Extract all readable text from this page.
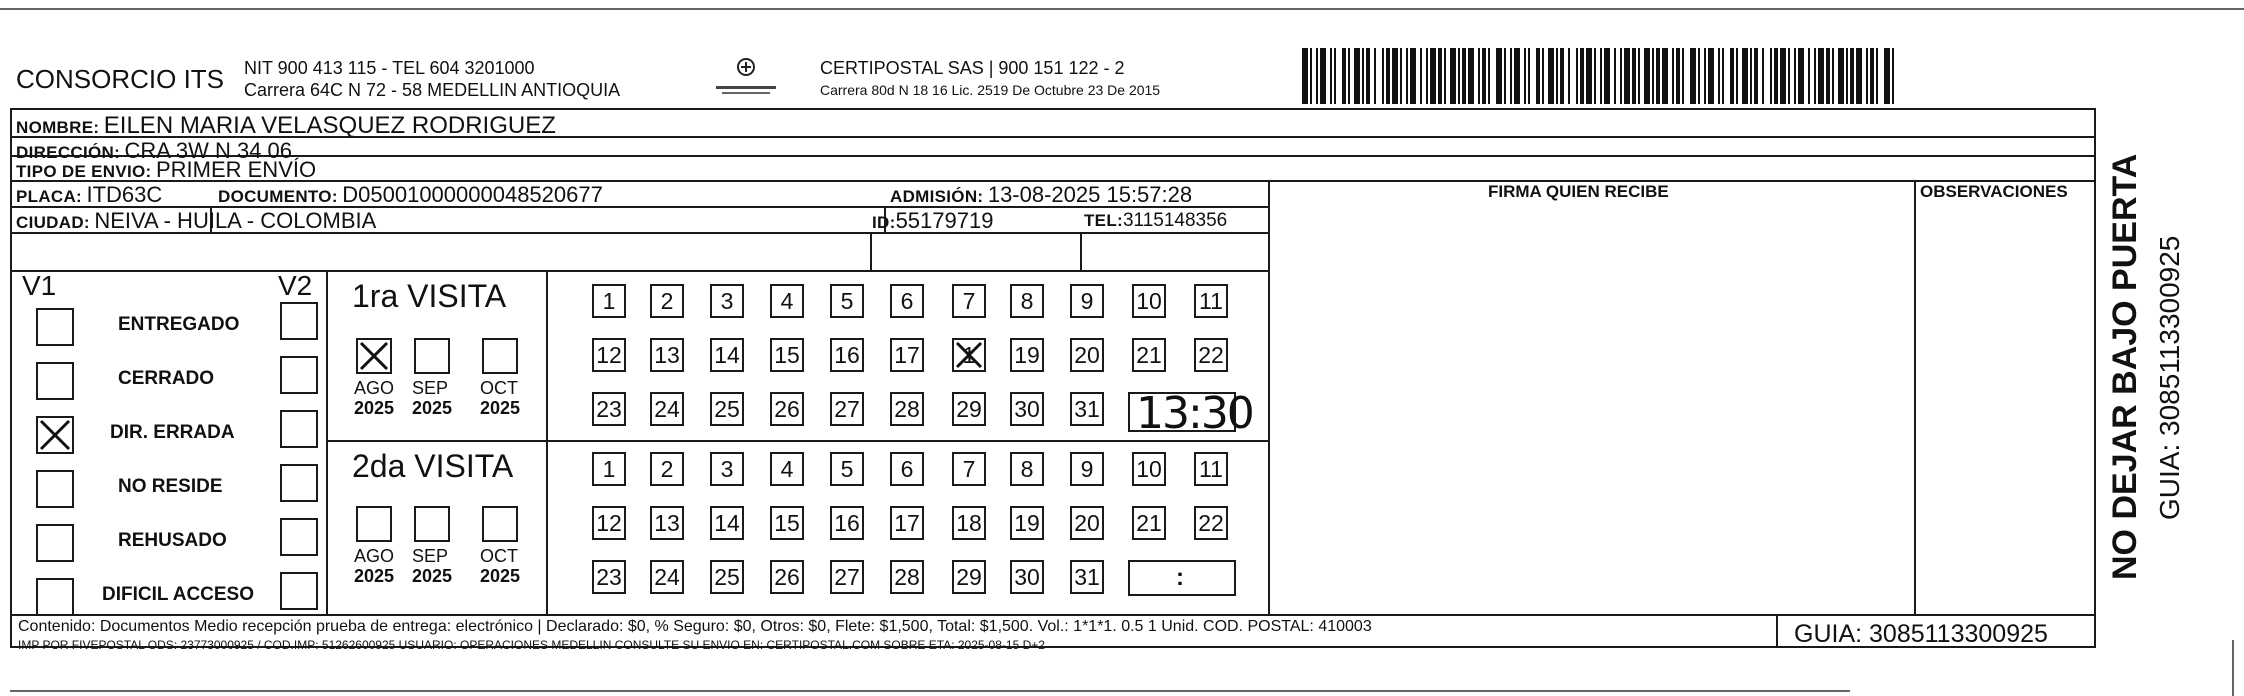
CONSORCIO ITS NIT 900 413 115 - TEL 604 3201000
Carrera 64C N 72 - 58 MEDELLIN ANTIOQUIA
CERTIPOSTAL SAS | 900 151 122 - 2
Carrera 80d N 18 16 Lic. 2519 De Octubre 23 De 2015
NOMBRE: EILEN MARIA VELASQUEZ RODRIGUEZ
DIRECCIÓN: CRA 3W N 34 06
TIPO DE ENVIO: PRIMER ENVÍO
PLACA: ITD63C	DOCUMENTO: D05001000000048520677	ADMISIÓN: 13-08-2025 15:57:28
CIUDAD: NEIVA - HUILA - COLOMBIA	ID:55179719	TEL:3115148356
FIRMA QUIEN RECIBE	OBSERVACIONES
V1	V2
ENTREGADO
CERRADO
DIR. ERRADA
NO RESIDE
REHUSADO
DIFICIL ACCESO
1ra VISITA
2da VISITA
AGO
2025
SEP
2025
OCT
2025
AGO
2025
SEP
2025
OCT
2025
1	2	3	4	5	6	7	8	9	10 11
12 13 14 15 16 17	1	19 20 21 22
23 24 25 26 27 28 29 30 31
1	2	3	4	5	6	7	8	9	10 11
12 13 14 15 16 17 18 19 20 21 22
23 24 25 26 27 28 29 30 31
13:30
:
Contenido: Documentos Medio recepción prueba de entrega: electrónico | Declarado: $0, % Seguro: $0, Otros: $0, Flete: $1,500, Total: $1,500. Vol.: 1*1*1. 0.5 1 Unid. COD. POSTAL: 410003
IMP POR FIVEPOSTAL ODS: 23773000925 / COD.IMP: 51262600925 USUARIO: OPERACIONES MEDELLIN CONSULTE SU ENVIO EN: CERTIPOSTAL.COM SOBRE ETA: 2025-08-15 D+2	GUIA: 3085113300925
NO DEJAR BAJO PUERTA GUIA: 3085113300925
